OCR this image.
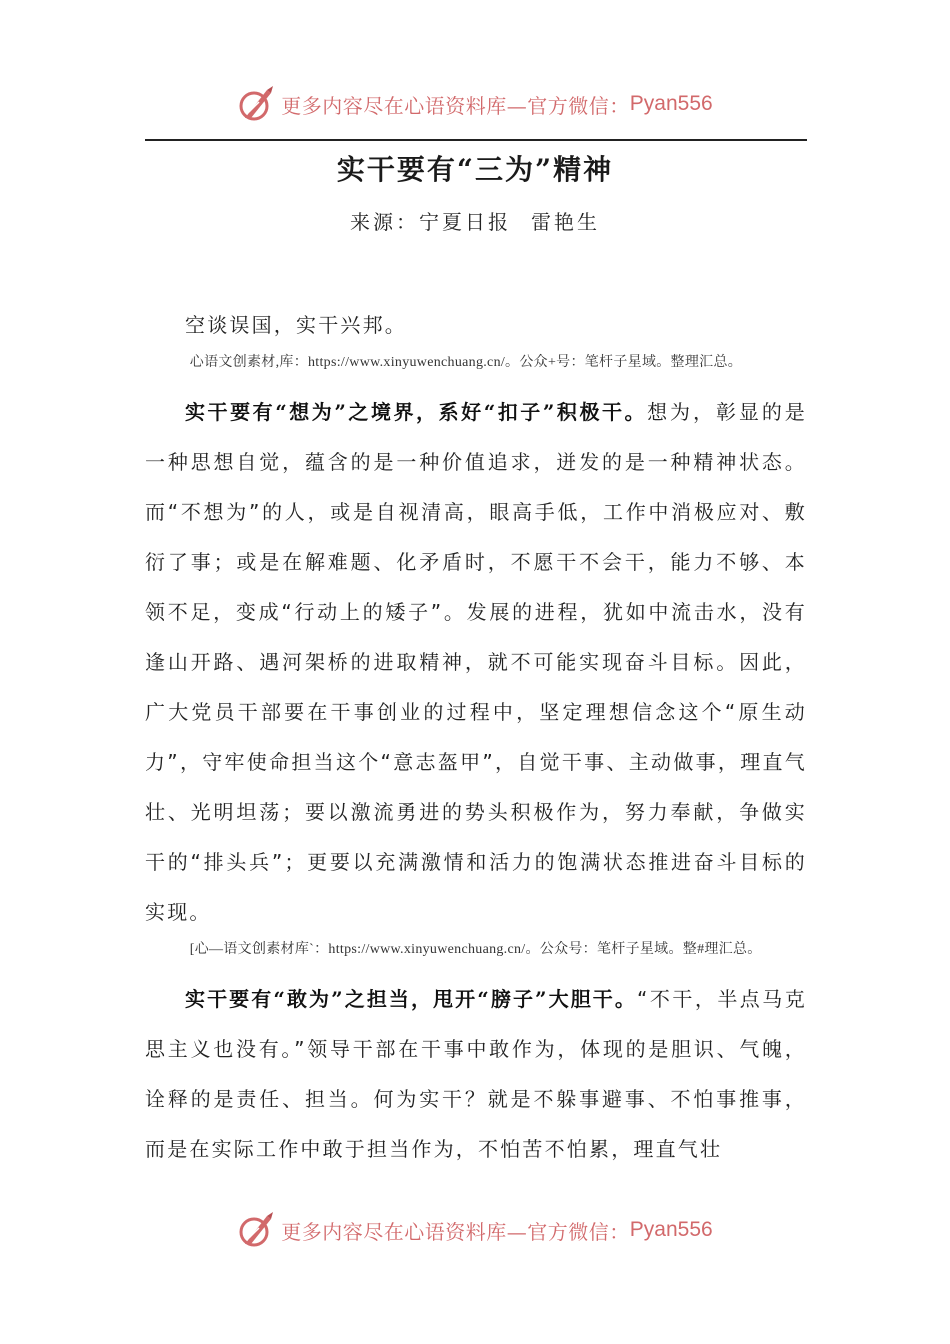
更多内容尽在心语资料库—官方微信： Pyan556
实干要有“三为”精神
来源：宁夏日报 雷艳生

空谈误国，实干兴邦。

心语文创素材,库：https://www.xinyuwenchuang.cn/。公众+号：笔杆子星域。整理汇总。

实干要有“想为”之境界，系好“扣子”积极干。想为，彰显的是一种思想自觉，蕴含的是一种价值追求，迸发的是一种精神状态。而“不想为”的人，或是自视清高，眼高手低，工作中消极应对、敷衍了事；或是在解难题、化矛盾时，不愿干不会干，能力不够、本领不足，变成“行动上的矮子”。发展的进程，犹如中流击水，没有逢山开路、遇河架桥的进取精神，就不可能实现奋斗目标。因此，广大党员干部要在干事创业的过程中，坚定理想信念这个“原生动力”，守牢使命担当这个“意志盔甲”，自觉干事、主动做事，理直气壮、光明坦荡；要以激流勇进的势头积极作为，努力奉献，争做实干的“排头兵”；更要以充满激情和活力的饱满状态推进奋斗目标的实现。

[心—语文创素材库`：https://www.xinyuwenchuang.cn/。公众号：笔杆子星域。整#理汇总。

实干要有“敢为”之担当，甩开“膀子”大胆干。“不干，半点马克思主义也没有。”领导干部在干事中敢作为，体现的是胆识、气魄，诠释的是责任、担当。何为实干？就是不躲事避事、不怕事推事，而是在实际工作中敢于担当作为，不怕苦不怕累，理直气壮

更多内容尽在心语资料库—官方微信： Pyan556
